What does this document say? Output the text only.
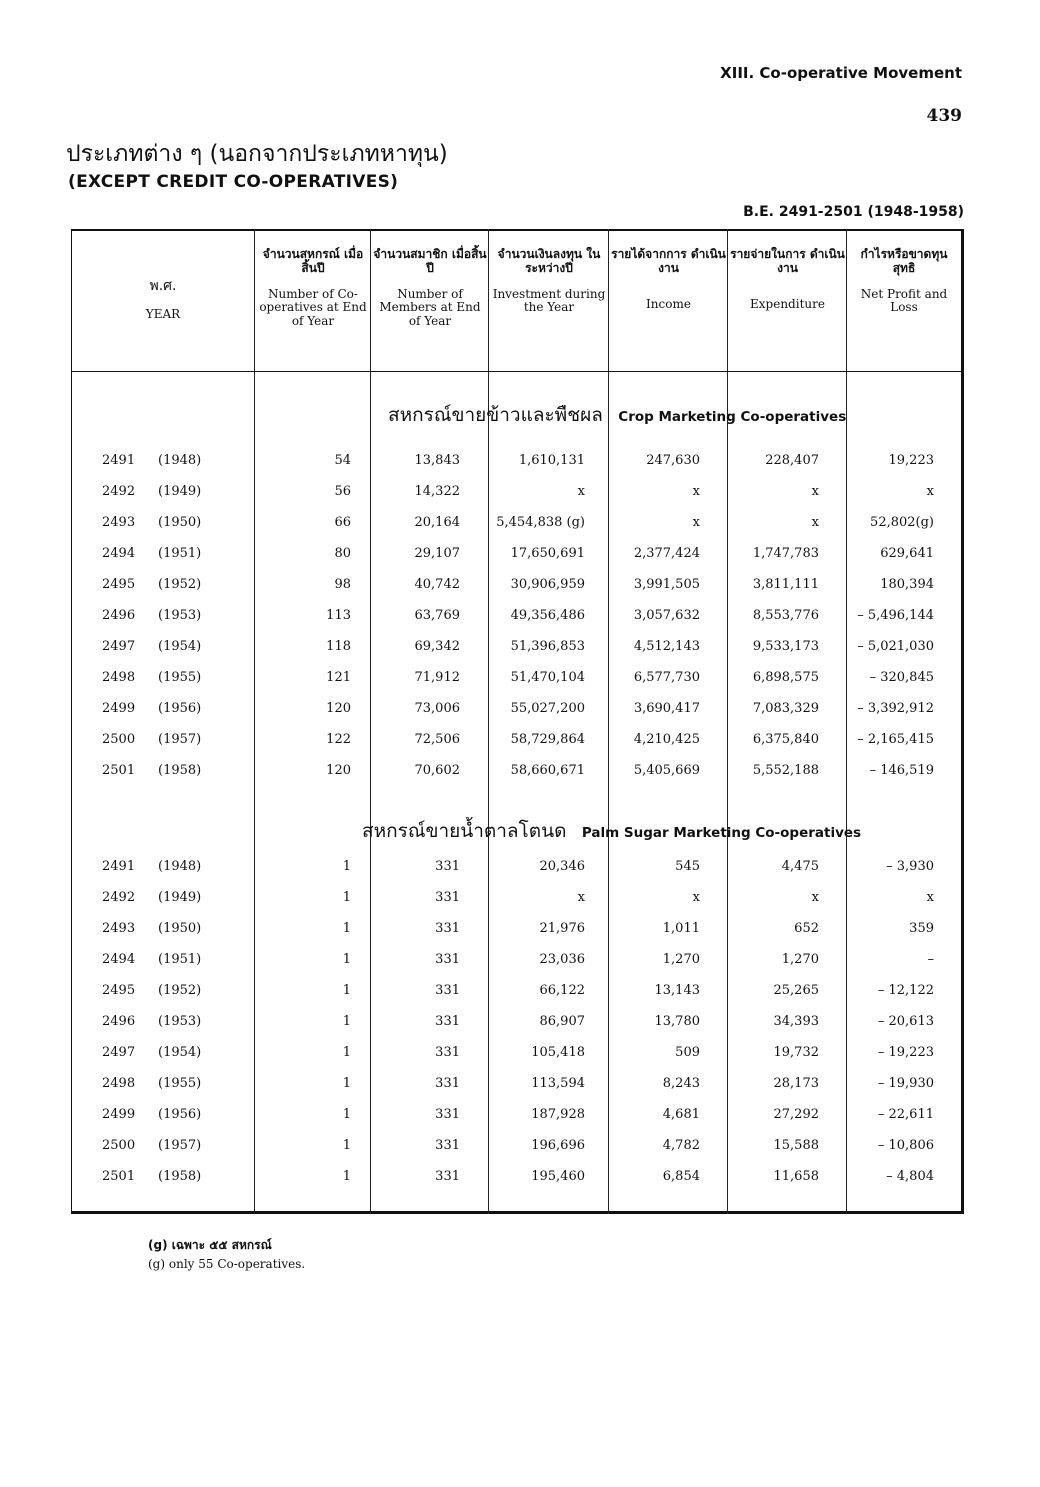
XIII. Co-operative Movement
439
ประเภทต่าง ๆ (นอกจากประเภทหาทุน)
(EXCEPT CREDIT CO-OPERATIVES)
B.E. 2491-2501 (1948-1958)
พ.ศ.
YEAR
จำนวนสหกรณ์ เมื่อสิ้นปี
Number of Co-operatives at End of Year
จำนวนสมาชิก เมื่อสิ้นปี
Number of Members at End of Year
จำนวนเงินลงทุน ในระหว่างปี
Investment during the Year
รายได้จากการ ดำเนินงาน
Income
รายจ่ายในการ ดำเนินงาน
Expenditure
กำไรหรือขาดทุน สุทธิ
Net Profit and Loss
สหกรณ์ขายข้าวและพืชผล Crop Marketing Co-operatives
2491 (1948)	54	13,843	1,610,131	247,630	228,407	19,223
2492 (1949)	56	14,322	x	x	x	x
2493 (1950)	66	20,164	5,454,838 (g)	x	x	52,802(g)
2494 (1951)	80	29,107	17,650,691	2,377,424	1,747,783	629,641
2495 (1952)	98	40,742	30,906,959	3,991,505	3,811,111	180,394
2496 (1953)	113	63,769	49,356,486	3,057,632	8,553,776	– 5,496,144
2497 (1954)	118	69,342	51,396,853	4,512,143	9,533,173	– 5,021,030
2498 (1955)	121	71,912	51,470,104	6,577,730	6,898,575	– 320,845
2499 (1956)	120	73,006	55,027,200	3,690,417	7,083,329	– 3,392,912
2500 (1957)	122	72,506	58,729,864	4,210,425	6,375,840	– 2,165,415
2501 (1958)	120	70,602	58,660,671	5,405,669	5,552,188	– 146,519
สหกรณ์ขายน้ำตาลโตนด Palm Sugar Marketing Co-operatives
2491 (1948)	1	331	20,346	545	4,475	– 3,930
2492 (1949)	1	331	x	x	x	x
2493 (1950)	1	331	21,976	1,011	652	359
2494 (1951)	1	331	23,036	1,270	1,270	–
2495 (1952)	1	331	66,122	13,143	25,265	– 12,122
2496 (1953)	1	331	86,907	13,780	34,393	– 20,613
2497 (1954)	1	331	105,418	509	19,732	– 19,223
2498 (1955)	1	331	113,594	8,243	28,173	– 19,930
2499 (1956)	1	331	187,928	4,681	27,292	– 22,611
2500 (1957)	1	331	196,696	4,782	15,588	– 10,806
2501 (1958)	1	331	195,460	6,854	11,658	– 4,804
(g) เฉพาะ ๕๕ สหกรณ์
(g) only 55 Co-operatives.
